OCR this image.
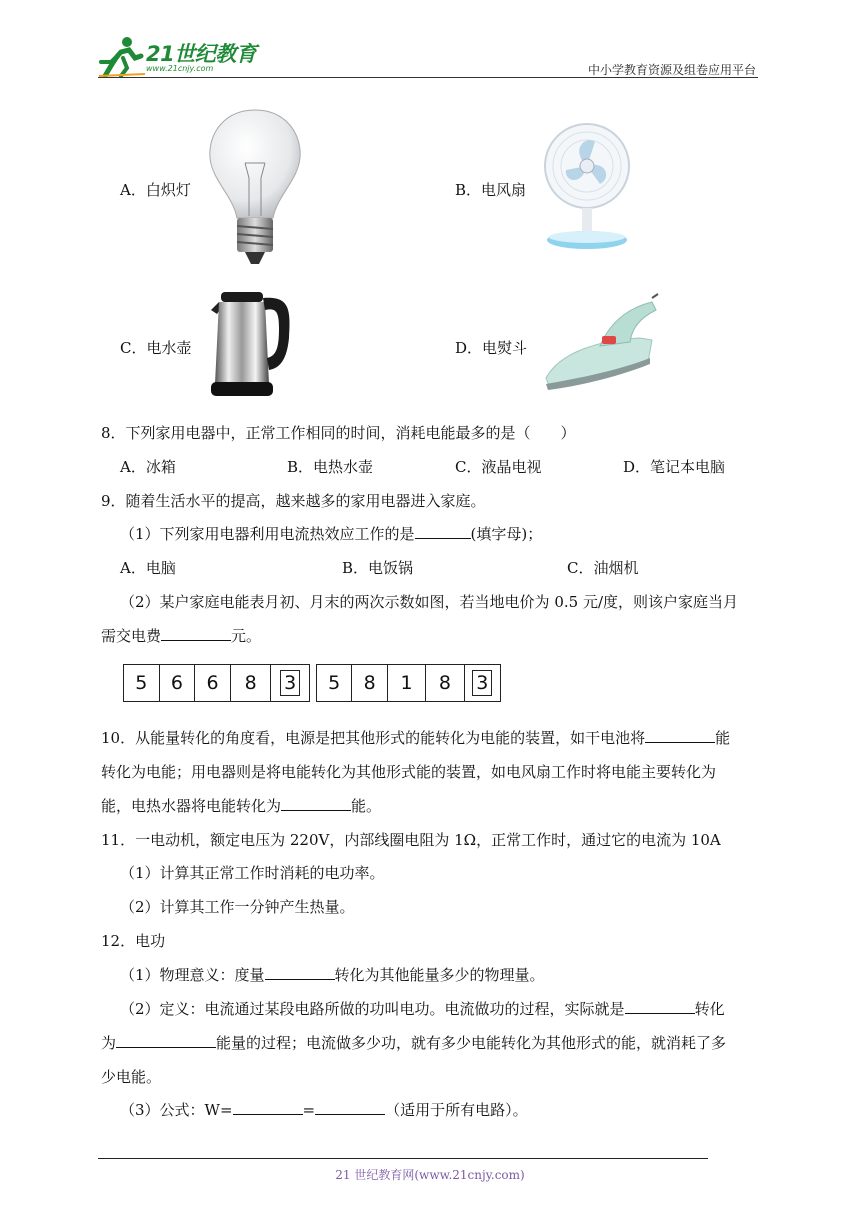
21世纪教育
www.21cnjy.com	中小学教育资源及组卷应用平台
A．白炽灯	B．电风扇
C．电水壶	D．电熨斗
8．下列家用电器中，正常工作相同的时间，消耗电能最多的是（　　）
A．冰箱	B．电热水壶	C．液晶电视	D．笔记本电脑
9．随着生活水平的提高，越来越多的家用电器进入家庭。
（1）下列家用电器利用电流热效应工作的是	(填字母)；
A．电脑	B．电饭锅	C．油烟机
（2）某户家庭电能表月初、月末的两次示数如图，若当地电价为 0.5 元/度，则该户家庭当月
需交电费	元。
5	6	6	8	3	5	8	1	8	3
10．从能量转化的角度看，电源是把其他形式的能转化为电能的装置，如干电池将	能
转化为电能；用电器则是将电能转化为其他形式能的装置，如电风扇工作时将电能主要转化为
能，电热水器将电能转化为	能。
11．一电动机，额定电压为 220V，内部线圈电阻为 1Ω，正常工作时，通过它的电流为 10A
（1）计算其正常工作时消耗的电功率。
（2）计算其工作一分钟产生热量。
12．电功
（1）物理意义：度量	转化为其他能量多少的物理量。
（2）定义：电流通过某段电路所做的功叫电功。电流做功的过程，实际就是	转化
为	能量的过程；电流做多少功，就有多少电能转化为其他形式的能，就消耗了多
少电能。
（3）公式：W=	=	（适用于所有电路）。
21 世纪教育网(www.21cnjy.com)
